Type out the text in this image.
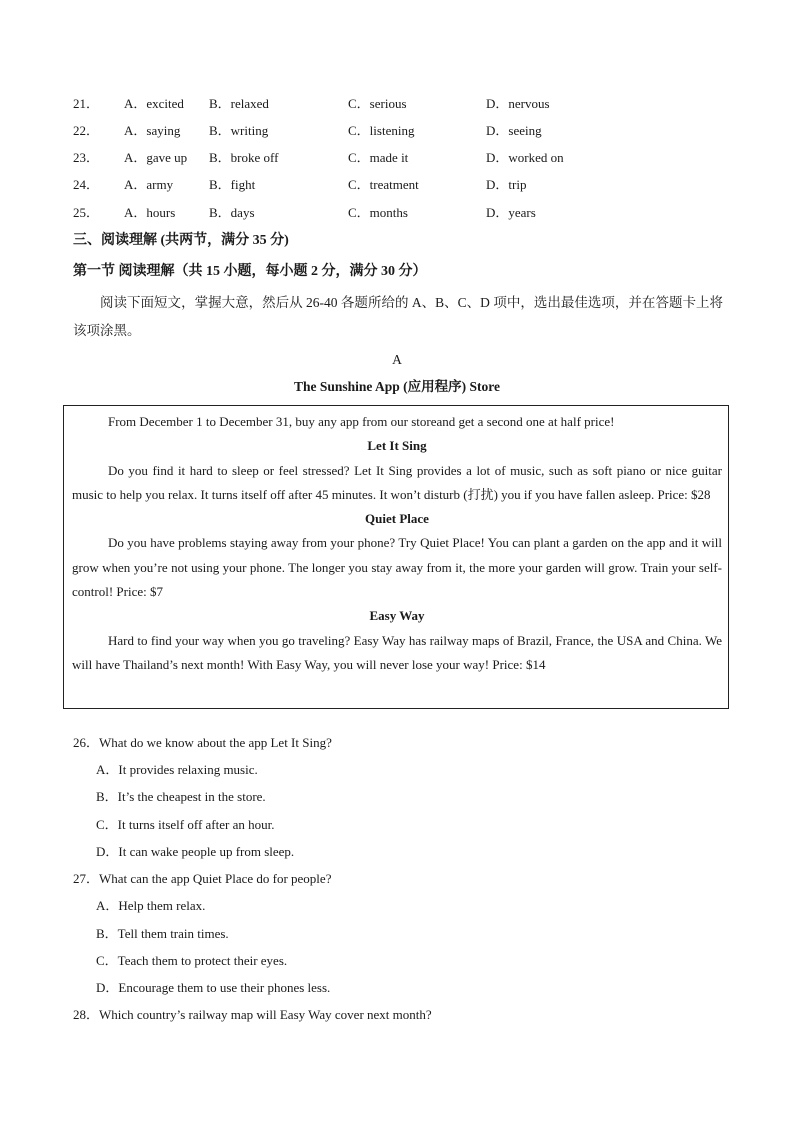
21． A．excited B．relaxed	C．serious	D．nervous
22． A．saying B．writing	C．listening	D．seeing
23． A．gave up B．broke off	C．made it	D．worked on
24． A．army	B．fight	C．treatment	D．trip
25． A．hours	B．days	C．months	D．years
三、阅读理解 (共两节，满分 35 分)
第一节 阅读理解（共 15 小题，每小题 2 分，满分 30 分）
阅读下面短文，掌握大意，然后从 26-40 各题所给的 A、B、C、D 项中，选出最佳选项，并在答题卡上将该项涂黑。
A
The Sunshine App (应用程序) Store

From December 1 to December 31, buy any app from our storeand get a second one at half price!

Let It Sing

Do you find it hard to sleep or feel stressed? Let It Sing provides a lot of music, such as soft piano or nice guitar music to help you relax. It turns itself off after 45 minutes. It won’t disturb (打扰) you if you have fallen asleep. Price: $28

Quiet Place

Do you have problems staying away from your phone? Try Quiet Place! You can plant a garden on the app and it will grow when you’re not using your phone. The longer you stay away from it, the more your garden will grow. Train your self-control! Price: $7

Easy Way

Hard to find your way when you go traveling? Easy Way has railway maps of Brazil, France, the USA and China. We will have Thailand’s next month! With Easy Way, you will never lose your way! Price: $14

26．What do we know about the app Let It Sing?
A．It provides relaxing music.
B．It’s the cheapest in the store.
C．It turns itself off after an hour.
D．It can wake people up from sleep.
27．What can the app Quiet Place do for people?
A．Help them relax.
B．Tell them train times.
C．Teach them to protect their eyes.
D．Encourage them to use their phones less.
28．Which country’s railway map will Easy Way cover next month?
